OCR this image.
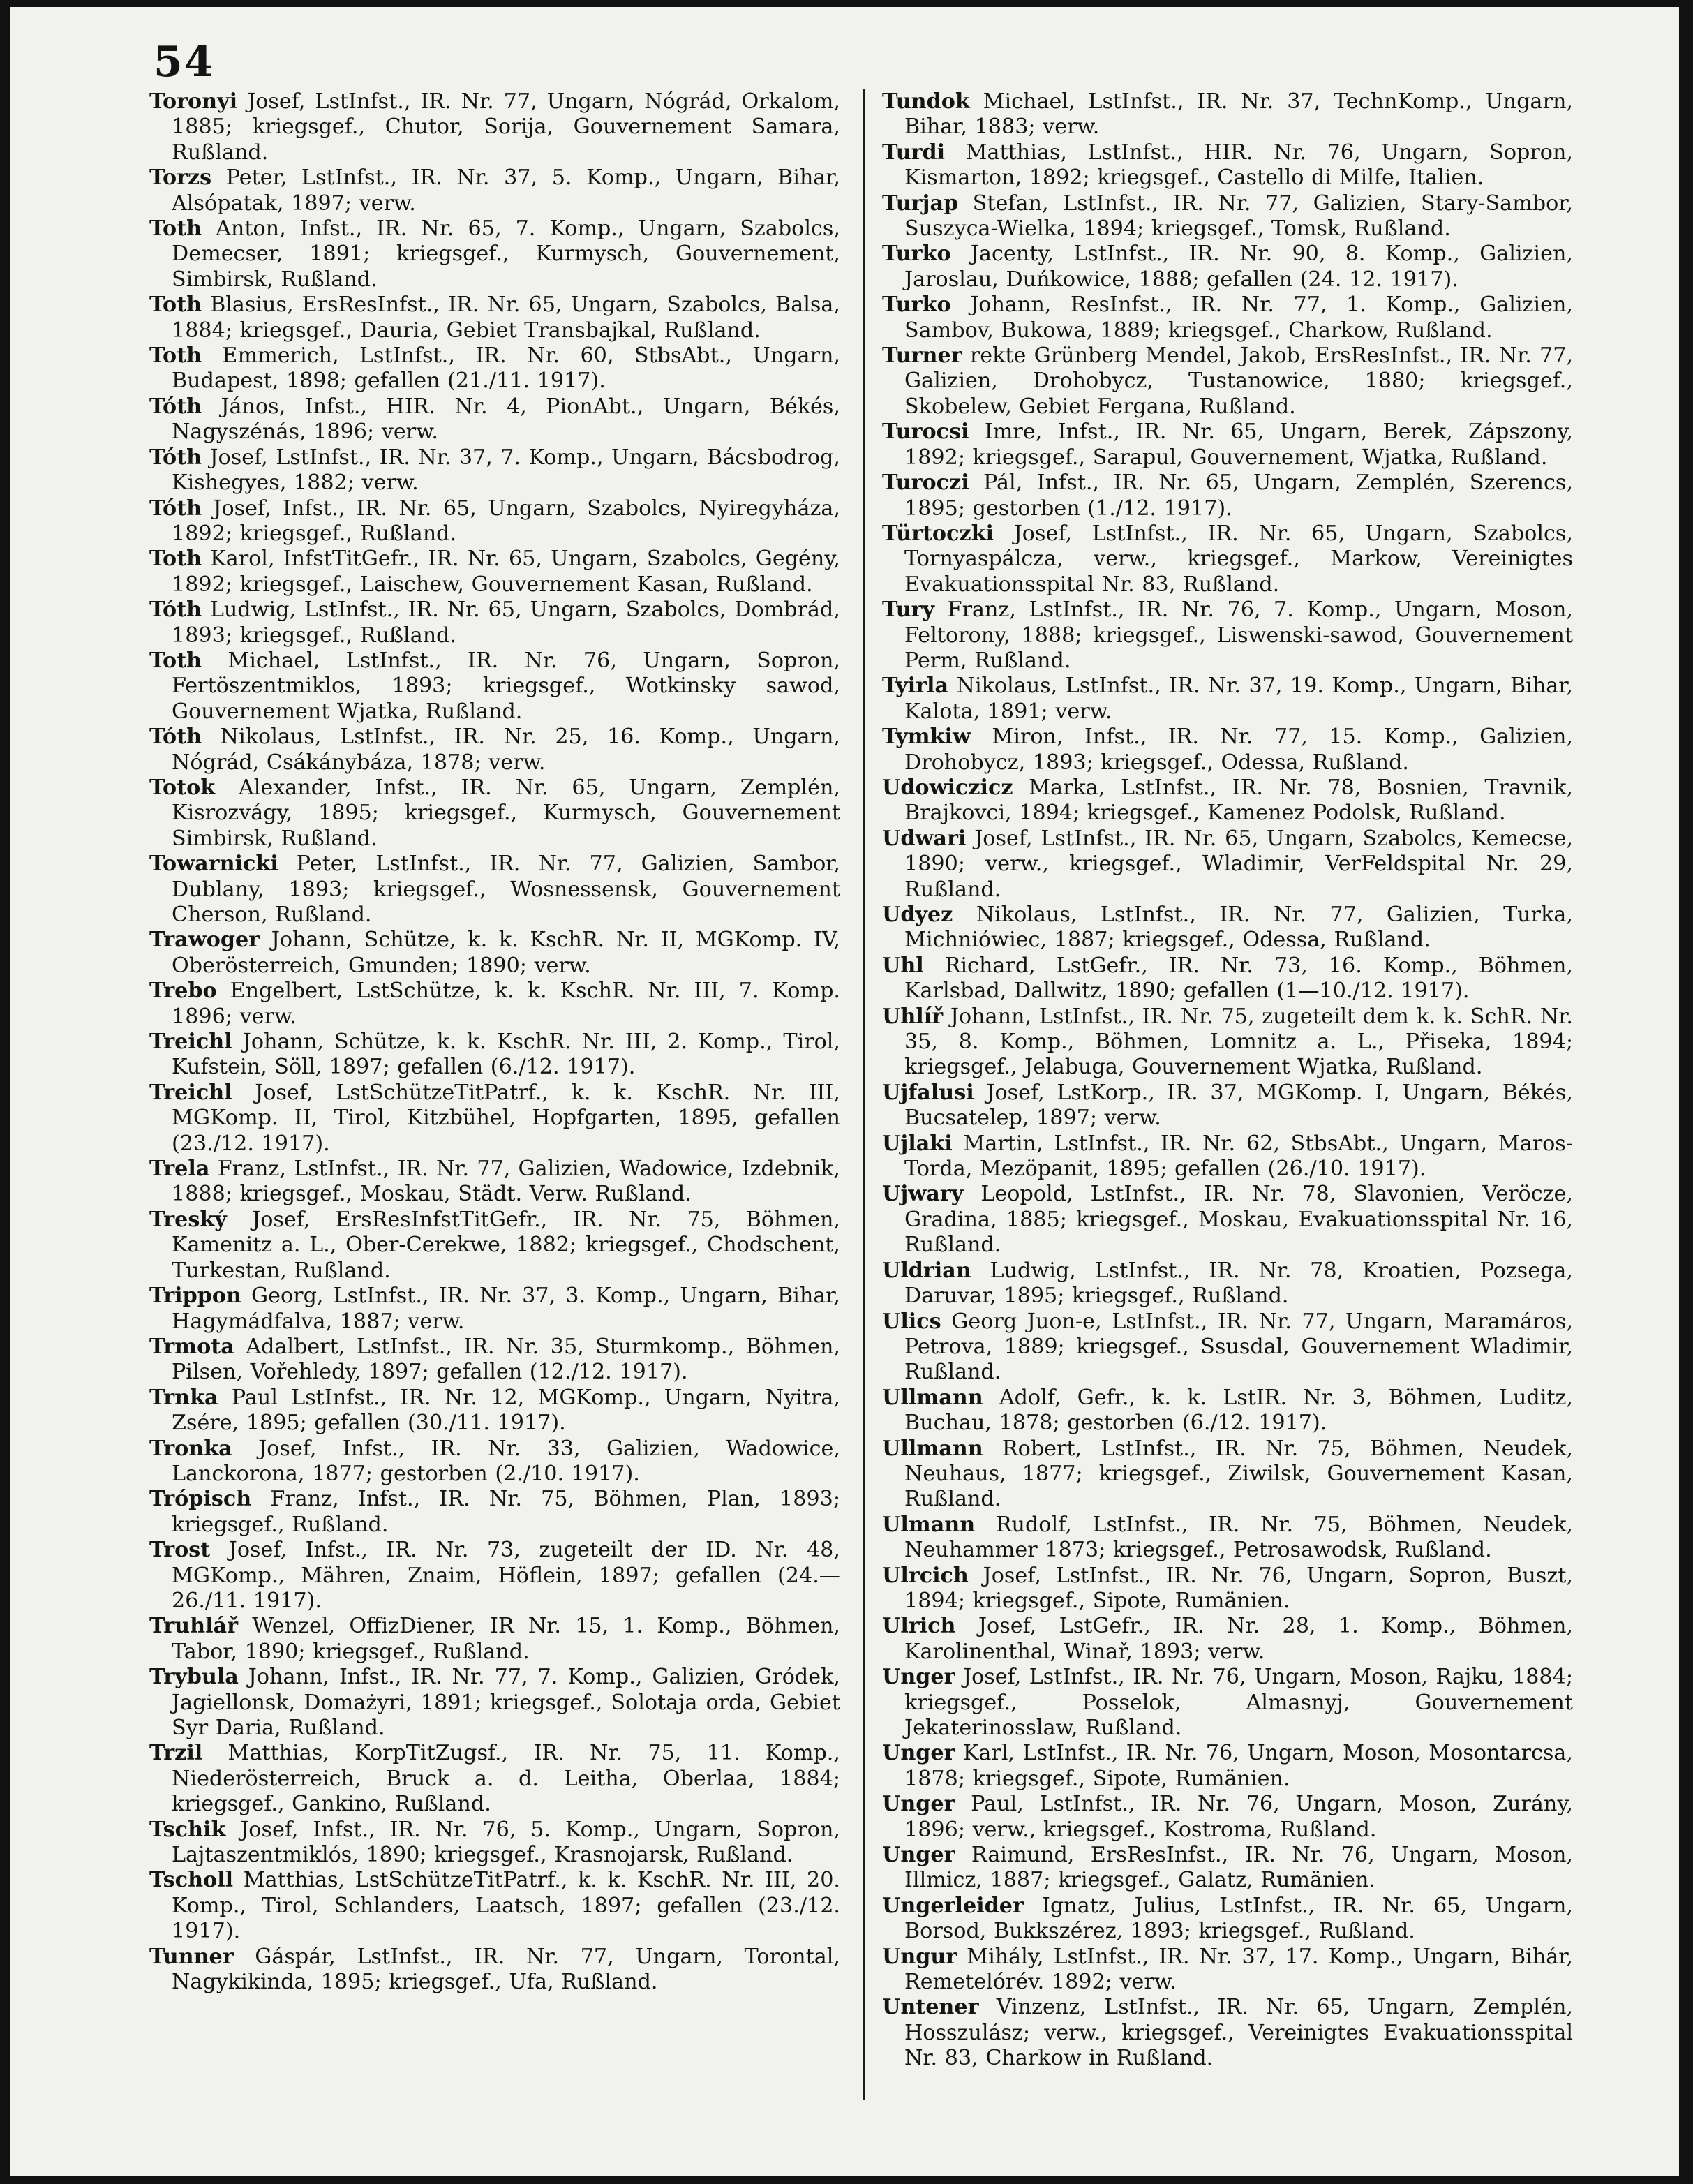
54

Toronyi Josef, LstInfst., IR. Nr. 77, Ungarn, Nógrád, Orkalom, 1885; kriegsgef., Chutor, Sorija, Gouvernement Samara, Rußland.

Torzs Peter, LstInfst., IR. Nr. 37, 5. Komp., Ungarn, Bihar, Alsópatak, 1897; verw.

Toth Anton, Infst., IR. Nr. 65, 7. Komp., Ungarn, Szabolcs, Demecser, 1891; kriegsgef., Kurmysch, Gouvernement, Simbirsk, Rußland.

Toth Blasius, ErsResInfst., IR. Nr. 65, Ungarn, Szabolcs, Balsa, 1884; kriegsgef., Dauria, Gebiet Transbajkal, Rußland.

Toth Emmerich, LstInfst., IR. Nr. 60, StbsAbt., Ungarn, Budapest, 1898; gefallen (21./11. 1917).

Tóth János, Infst., HIR. Nr. 4, PionAbt., Ungarn, Békés, Nagyszénás, 1896; verw.

Tóth Josef, LstInfst., IR. Nr. 37, 7. Komp., Ungarn, Bácsbodrog, Kishegyes, 1882; verw.

Tóth Josef, Infst., IR. Nr. 65, Ungarn, Szabolcs, Nyiregyháza, 1892; kriegsgef., Rußland.

Toth Karol, InfstTitGefr., IR. Nr. 65, Ungarn, Szabolcs, Gegény, 1892; kriegsgef., Laischew, Gouvernement Kasan, Rußland.

Tóth Ludwig, LstInfst., IR. Nr. 65, Ungarn, Szabolcs, Dombrád, 1893; kriegsgef., Rußland.

Toth Michael, LstInfst., IR. Nr. 76, Ungarn, Sopron, Fertöszentmiklos, 1893; kriegsgef., Wotkinsky sawod, Gouvernement Wjatka, Rußland.

Tóth Nikolaus, LstInfst., IR. Nr. 25, 16. Komp., Ungarn, Nógrád, Csákánybáza, 1878; verw.

Totok Alexander, Infst., IR. Nr. 65, Ungarn, Zemplén, Kisrozvágy, 1895; kriegsgef., Kurmysch, Gouvernement Simbirsk, Rußland.

Towarnicki Peter, LstInfst., IR. Nr. 77, Galizien, Sambor, Dublany, 1893; kriegsgef., Wosnessensk, Gouvernement Cherson, Rußland.

Trawoger Johann, Schütze, k. k. KschR. Nr. II, MGKomp. IV, Oberösterreich, Gmunden; 1890; verw.

Trebo Engelbert, LstSchütze, k. k. KschR. Nr. III, 7. Komp. 1896; verw.

Treichl Johann, Schütze, k. k. KschR. Nr. III, 2. Komp., Tirol, Kufstein, Söll, 1897; gefallen (6./12. 1917).

Treichl Josef, LstSchützeTitPatrf., k. k. KschR. Nr. III, MGKomp. II, Tirol, Kitzbühel, Hopfgarten, 1895, gefallen (23./12. 1917).

Trela Franz, LstInfst., IR. Nr. 77, Galizien, Wadowice, Izdebnik, 1888; kriegsgef., Moskau, Städt. Verw. Rußland.

Treský Josef, ErsResInfstTitGefr., IR. Nr. 75, Böhmen, Kamenitz a. L., Ober-Cerekwe, 1882; kriegsgef., Chodschent, Turkestan, Rußland.

Trippon Georg, LstInfst., IR. Nr. 37, 3. Komp., Ungarn, Bihar, Hagymádfalva, 1887; verw.

Trmota Adalbert, LstInfst., IR. Nr. 35, Sturmkomp., Böhmen, Pilsen, Vořehledy, 1897; gefallen (12./12. 1917).

Trnka Paul LstInfst., IR. Nr. 12, MGKomp., Ungarn, Nyitra, Zsére, 1895; gefallen (30./11. 1917).

Tronka Josef, Infst., IR. Nr. 33, Galizien, Wadowice, Lanckorona, 1877; gestorben (2./10. 1917).

Trópisch Franz, Infst., IR. Nr. 75, Böhmen, Plan, 1893; kriegsgef., Rußland.

Trost Josef, Infst., IR. Nr. 73, zugeteilt der ID. Nr. 48, MGKomp., Mähren, Znaim, Höflein, 1897; gefallen (24.—26./11. 1917).

Truhlář Wenzel, OffizDiener, IR Nr. 15, 1. Komp., Böhmen, Tabor, 1890; kriegsgef., Rußland.

Trybula Johann, Infst., IR. Nr. 77, 7. Komp., Galizien, Gródek, Jagiellonsk, Domażyri, 1891; kriegsgef., Solotaja orda, Gebiet Syr Daria, Rußland.

Trzil Matthias, KorpTitZugsf., IR. Nr. 75, 11. Komp., Niederösterreich, Bruck a. d. Leitha, Oberlaa, 1884; kriegsgef., Gankino, Rußland.

Tschik Josef, Infst., IR. Nr. 76, 5. Komp., Ungarn, Sopron, Lajtaszentmiklós, 1890; kriegsgef., Krasnojarsk, Rußland.

Tscholl Matthias, LstSchützeTitPatrf., k. k. KschR. Nr. III, 20. Komp., Tirol, Schlanders, Laatsch, 1897; gefallen (23./12. 1917).

Tunner Gáspár, LstInfst., IR. Nr. 77, Ungarn, Torontal, Nagykikinda, 1895; kriegsgef., Ufa, Rußland.

Tundok Michael, LstInfst., IR. Nr. 37, TechnKomp., Ungarn, Bihar, 1883; verw.

Turdi Matthias, LstInfst., HIR. Nr. 76, Ungarn, Sopron, Kismarton, 1892; kriegsgef., Castello di Milfe, Italien.

Turjap Stefan, LstInfst., IR. Nr. 77, Galizien, Stary-Sambor, Suszyca-Wielka, 1894; kriegsgef., Tomsk, Rußland.

Turko Jacenty, LstInfst., IR. Nr. 90, 8. Komp., Galizien, Jaroslau, Duńkowice, 1888; gefallen (24. 12. 1917).

Turko Johann, ResInfst., IR. Nr. 77, 1. Komp., Galizien, Sambov, Bukowa, 1889; kriegsgef., Charkow, Rußland.

Turner rekte Grünberg Mendel, Jakob, ErsResInfst., IR. Nr. 77, Galizien, Drohobycz, Tustanowice, 1880; kriegsgef., Skobelew, Gebiet Fergana, Rußland.

Turocsi Imre, Infst., IR. Nr. 65, Ungarn, Berek, Zápszony, 1892; kriegsgef., Sarapul, Gouvernement, Wjatka, Rußland.

Turoczi Pál, Infst., IR. Nr. 65, Ungarn, Zemplén, Szerencs, 1895; gestorben (1./12. 1917).

Türtoczki Josef, LstInfst., IR. Nr. 65, Ungarn, Szabolcs, Tornyaspálcza, verw., kriegsgef., Markow, Vereinigtes Evakuationsspital Nr. 83, Rußland.

Tury Franz, LstInfst., IR. Nr. 76, 7. Komp., Ungarn, Moson, Feltorony, 1888; kriegsgef., Liswenski-sawod, Gouvernement Perm, Rußland.

Tyirla Nikolaus, LstInfst., IR. Nr. 37, 19. Komp., Ungarn, Bihar, Kalota, 1891; verw.

Tymkiw Miron, Infst., IR. Nr. 77, 15. Komp., Galizien, Drohobycz, 1893; kriegsgef., Odessa, Rußland.

Udowiczicz Marka, LstInfst., IR. Nr. 78, Bosnien, Travnik, Brajkovci, 1894; kriegsgef., Kamenez Podolsk, Rußland.

Udwari Josef, LstInfst., IR. Nr. 65, Ungarn, Szabolcs, Kemecse, 1890; verw., kriegsgef., Wladimir, VerFeldspital Nr. 29, Rußland.

Udyez Nikolaus, LstInfst., IR. Nr. 77, Galizien, Turka, Michniówiec, 1887; kriegsgef., Odessa, Rußland.

Uhl Richard, LstGefr., IR. Nr. 73, 16. Komp., Böhmen, Karlsbad, Dallwitz, 1890; gefallen (1—10./12. 1917).

Uhlíř Johann, LstInfst., IR. Nr. 75, zugeteilt dem k. k. SchR. Nr. 35, 8. Komp., Böhmen, Lomnitz a. L., Přiseka, 1894; kriegsgef., Jelabuga, Gouvernement Wjatka, Rußland.

Ujfalusi Josef, LstKorp., IR. 37, MGKomp. I, Ungarn, Békés, Bucsatelep, 1897; verw.

Ujlaki Martin, LstInfst., IR. Nr. 62, StbsAbt., Ungarn, Maros-Torda, Mezöpanit, 1895; gefallen (26./10. 1917).

Ujwary Leopold, LstInfst., IR. Nr. 78, Slavonien, Veröcze, Gradina, 1885; kriegsgef., Moskau, Evakuationsspital Nr. 16, Rußland.

Uldrian Ludwig, LstInfst., IR. Nr. 78, Kroatien, Pozsega, Daruvar, 1895; kriegsgef., Rußland.

Ulics Georg Juon-e, LstInfst., IR. Nr. 77, Ungarn, Maramáros, Petrova, 1889; kriegsgef., Ssusdal, Gouvernement Wladimir, Rußland.

Ullmann Adolf, Gefr., k. k. LstIR. Nr. 3, Böhmen, Luditz, Buchau, 1878; gestorben (6./12. 1917).

Ullmann Robert, LstInfst., IR. Nr. 75, Böhmen, Neudek, Neuhaus, 1877; kriegsgef., Ziwilsk, Gouvernement Kasan, Rußland.

Ulmann Rudolf, LstInfst., IR. Nr. 75, Böhmen, Neudek, Neuhammer 1873; kriegsgef., Petrosawodsk, Rußland.

Ulrcich Josef, LstInfst., IR. Nr. 76, Ungarn, Sopron, Buszt, 1894; kriegsgef., Sipote, Rumänien.

Ulrich Josef, LstGefr., IR. Nr. 28, 1. Komp., Böhmen, Karolinenthal, Winař, 1893; verw.

Unger Josef, LstInfst., IR. Nr. 76, Ungarn, Moson, Rajku, 1884; kriegsgef., Posselok, Almasnyj, Gouvernement Jekaterinosslaw, Rußland.

Unger Karl, LstInfst., IR. Nr. 76, Ungarn, Moson, Mosontarcsa, 1878; kriegsgef., Sipote, Rumänien.

Unger Paul, LstInfst., IR. Nr. 76, Ungarn, Moson, Zurány, 1896; verw., kriegsgef., Kostroma, Rußland.

Unger Raimund, ErsResInfst., IR. Nr. 76, Ungarn, Moson, Illmicz, 1887; kriegsgef., Galatz, Rumänien.

Ungerleider Ignatz, Julius, LstInfst., IR. Nr. 65, Ungarn, Borsod, Bukkszérez, 1893; kriegsgef., Rußland.

Ungur Mihály, LstInfst., IR. Nr. 37, 17. Komp., Ungarn, Bihár, Remetelórév. 1892; verw.

Untener Vinzenz, LstInfst., IR. Nr. 65, Ungarn, Zemplén, Hosszulász; verw., kriegsgef., Vereinigtes Evakuationsspital Nr. 83, Charkow in Rußland.
